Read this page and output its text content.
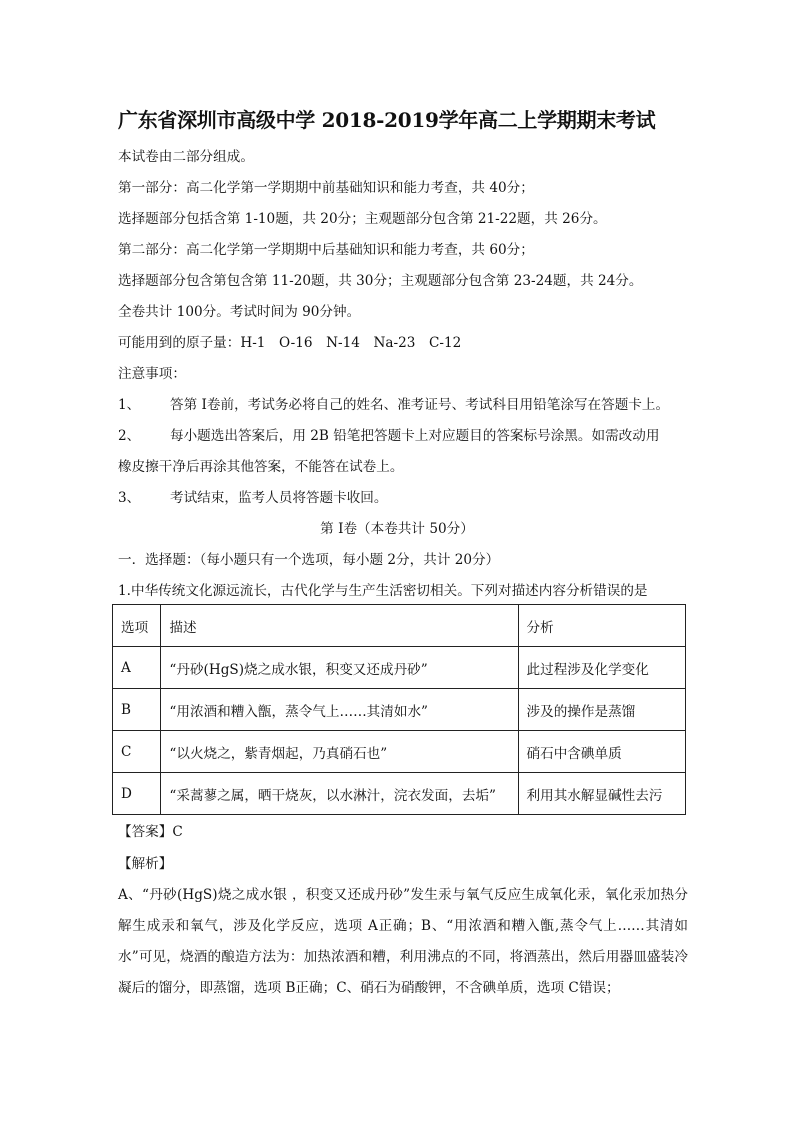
广东省深圳市高级中学 2018-2019学年高二上学期期末考试
本试卷由二部分组成。
第一部分：高二化学第一学期期中前基础知识和能力考查，共 40分；
选择题部分包括含第 1-10题，共 20分；主观题部分包含第 21-22题，共 26分。
第二部分：高二化学第一学期期中后基础知识和能力考查，共 60分；
选择题部分包含第包含第 11-20题，共 30分；主观题部分包含第 23-24题，共 24分。
全卷共计 100分。考试时间为 90分钟。
可能用到的原子量：H-1　O-16　N-14　Na-23　C-12
注意事项：
1、 答第 I卷前，考试务必将自己的姓名、准考证号、考试科目用铅笔涂写在答题卡上。
2、 每小题选出答案后，用 2B 铅笔把答题卡上对应题目的答案标号涂黑。如需改动用
橡皮擦干净后再涂其他答案，不能答在试卷上。
3、 考试结束，监考人员将答题卡收回。
第 I卷（本卷共计 50分）
一．选择题：（每小题只有一个选项，每小题 2分，共计 20分）
1.中华传统文化源远流长，古代化学与生产生活密切相关。下列对描述内容分析错误的是
选项	描述	分析
A	“丹砂(HgS)烧之成水银，积变又还成丹砂”	此过程涉及化学变化
B	“用浓酒和糟入甑，蒸令气上……其清如水”	涉及的操作是蒸馏
C	“以火烧之，紫青烟起，乃真硝石也”	硝石中含碘单质
D	“采蒿蓼之属，晒干烧灰，以水淋汁，浣衣发面，去垢”	利用其水解显碱性去污
【答案】C
【解析】
A、“丹砂(HgS)烧之成水银 ，积变又还成丹砂”发生汞与氧气反应生成氧化汞，氧化汞加热分解生成汞和氧气，涉及化学反应，选项 A正确；B、“用浓酒和糟入甑,蒸令气上……其清如水”可见，烧酒的酿造方法为：加热浓酒和糟，利用沸点的不同，将酒蒸出，然后用器皿盛装冷凝后的馏分，即蒸馏，选项 B正确；C、硝石为硝酸钾，不含碘单质，选项 C错误；
